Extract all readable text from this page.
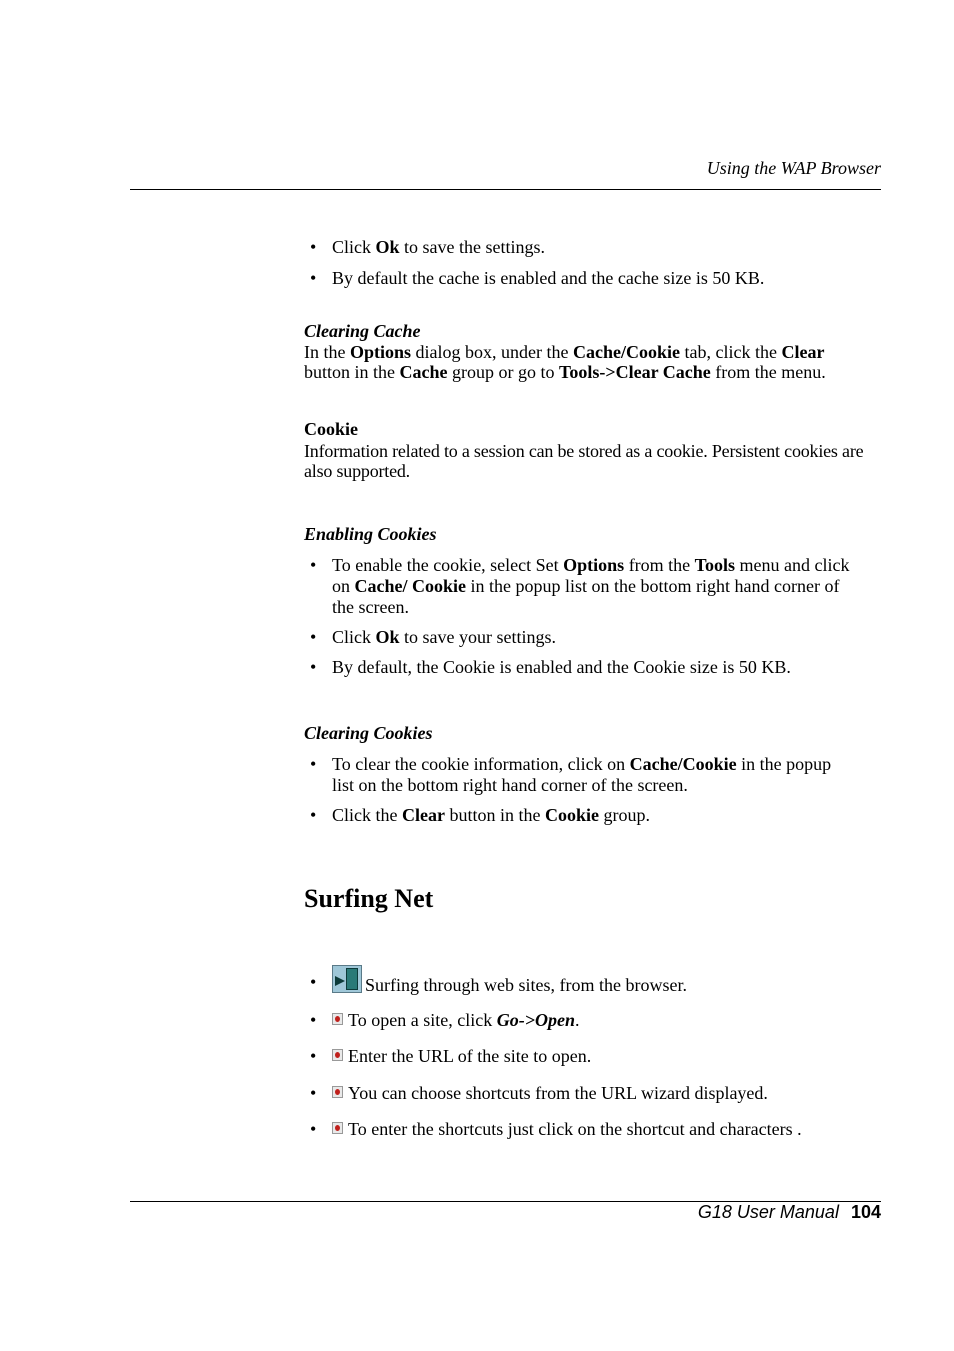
Using the WAP Browser
• Click Ok to save the settings.
• By default the cache is enabled and the cache size is 50 KB.
Clearing Cache
In the Options dialog box, under the Cache/Cookie tab, click the Clear
button in the Cache group or go to Tools->Clear Cache from the menu.
Cookie
Information related to a session can be stored as a cookie. Persistent cookies are also supported.
Enabling Cookies
• To enable the cookie, select Set Options from the Tools menu and click on Cache/ Cookie in the popup list on the bottom right hand corner of the screen.
• Click Ok to save your settings.
• By default, the Cookie is enabled and the Cookie size is 50 KB.
Clearing Cookies
• To clear the cookie information, click on Cache/Cookie in the popup list on the bottom right hand corner of the screen.
• Click the Clear button in the Cookie group.
Surfing Net
•	Surfing through web sites, from the browser.
• To open a site, click Go->Open.
• Enter the URL of the site to open.
• You can choose shortcuts from the URL wizard displayed.
• To enter the shortcuts just click on the shortcut and characters .
G18 User Manual 104
